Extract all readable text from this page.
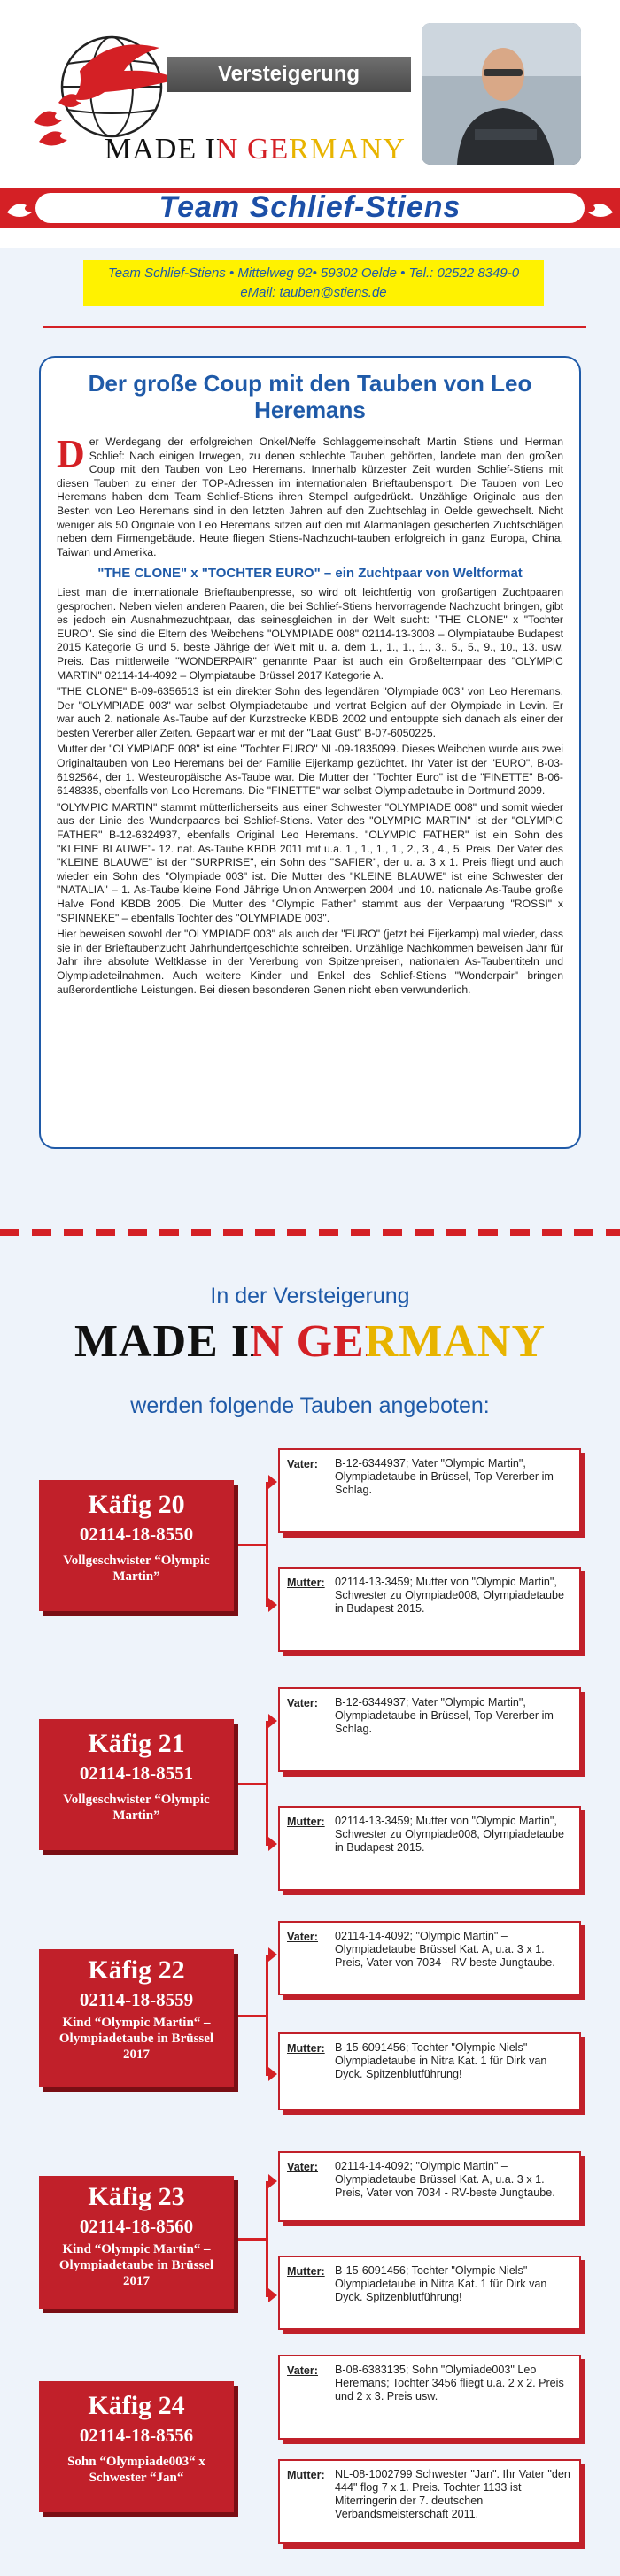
Versteigerung
MADE IN GERMANY
Team Schlief-Stiens
Team Schlief-Stiens • Mittelweg 92• 59302 Oelde • Tel.: 02522 8349-0
eMail: tauben@stiens.de
Der große Coup mit den Tauben von Leo Heremans

Der Werdegang der erfolgreichen Onkel/Neffe Schlaggemeinschaft Martin Stiens und Herman Schlief: Nach einigen Irrwegen, zu denen schlechte Tauben gehörten, landete man den großen Coup mit den Tauben von Leo Heremans. Innerhalb kürzester Zeit wurden Schlief-Stiens mit diesen Tauben zu einer der TOP-Adressen im internationalen Brieftaubensport. Die Tauben von Leo Heremans haben dem Team Schlief-Stiens ihren Stempel aufgedrückt. Unzählige Originale aus den Besten von Leo Heremans sind in den letzten Jahren auf den Zuchtschlag in Oelde gewechselt. Nicht weniger als 50 Originale von Leo Heremans sitzen auf den mit Alarmanlagen gesicherten Zuchtschlägen neben dem Firmengebäude. Heute fliegen Stiens-Nachzucht-tauben erfolgreich in ganz Europa, China, Taiwan und Amerika.

"THE CLONE" x "TOCHTER EURO" – ein Zuchtpaar von Weltformat

Liest man die internationale Brieftaubenpresse, so wird oft leichtfertig von großartigen Zuchtpaaren gesprochen. Neben vielen anderen Paaren, die bei Schlief-Stiens hervorragende Nachzucht bringen, gibt es jedoch ein Ausnahmezuchtpaar, das seinesgleichen in der Welt sucht: "THE CLONE" x "Tochter EURO". Sie sind die Eltern des Weibchens "OLYMPIADE 008" 02114-13-3008 – Olympiataube Budapest 2015 Kategorie G und 5. beste Jährige der Welt mit u. a. dem 1., 1., 1., 1., 3., 5., 5., 9., 10., 13. usw. Preis. Das mittlerweile "WONDERPAIR" genannte Paar ist auch ein Großelternpaar des "OLYMPIC MARTIN" 02114-14-4092 – Olympiataube Brüssel 2017 Kategorie A.

"THE CLONE" B-09-6356513 ist ein direkter Sohn des legendären "Olympiade 003" von Leo Heremans. Der "OLYMPIADE 003" war selbst Olympiadetaube und vertrat Belgien auf der Olympiade in Levin. Er war auch 2. nationale As-Taube auf der Kurzstrecke KBDB 2002 und entpuppte sich danach als einer der besten Vererber aller Zeiten. Gepaart war er mit der "Laat Gust" B-07-6050225.

Mutter der "OLYMPIADE 008" ist eine "Tochter EURO" NL-09-1835099. Dieses Weibchen wurde aus zwei Originaltauben von Leo Heremans bei der Familie Eijerkamp gezüchtet. Ihr Vater ist der "EURO", B-03-6192564, der 1. Westeuropäische As-Taube war. Die Mutter der "Tochter Euro" ist die "FINETTE" B-06-6148335, ebenfalls von Leo Heremans. Die "FINETTE" war selbst Olympiadetaube in Dortmund 2009.

"OLYMPIC MARTIN" stammt mütterlicherseits aus einer Schwester "OLYMPIADE 008" und somit wieder aus der Linie des Wunderpaares bei Schlief-Stiens. Vater des "OLYMPIC MARTIN" ist der "OLYMPIC FATHER" B-12-6324937, ebenfalls Original Leo Heremans. "OLYMPIC FATHER" ist ein Sohn des "KLEINE BLAUWE"- 12. nat. As-Taube KBDB 2011 mit u.a. 1., 1., 1., 1., 2., 3., 4., 5. Preis. Der Vater des "KLEINE BLAUWE" ist der "SURPRISE", ein Sohn des "SAFIER", der u. a. 3 x 1. Preis fliegt und auch wieder ein Sohn des "Olympiade 003" ist. Die Mutter des "KLEINE BLAUWE" ist eine Schwester der "NATALIA" – 1. As-Taube kleine Fond Jährige Union Antwerpen 2004 und 10. nationale As-Taube große Halve Fond KBDB 2005. Die Mutter des "Olympic Father" stammt aus der Verpaarung "ROSSI" x "SPINNEKE" – ebenfalls Tochter des "OLYMPIADE 003".

Hier beweisen sowohl der "OLYMPIADE 003" als auch der "EURO" (jetzt bei Eijerkamp) mal wieder, dass sie in der Brieftaubenzucht Jahrhundertgeschichte schreiben. Unzählige Nachkommen beweisen Jahr für Jahr ihre absolute Weltklasse in der Vererbung von Spitzenpreisen, nationalen As-Taubentiteln und Olympiadeteilnahmen. Auch weitere Kinder und Enkel des Schlief-Stiens "Wonderpair" bringen außerordentliche Leistungen. Bei diesen besonderen Genen nicht eben verwunderlich.

In der Versteigerung
MADE IN GERMANY
werden folgende Tauben angeboten:
Käfig 20
02114-18-8550
Vollgeschwister “Olympic Martin”
Vater:	B-12-6344937; Vater "Olympic Martin", Olympiadetaube in Brüssel, Top-Vererber im Schlag.
Mutter: 02114-13-3459; Mutter von "Olympic Martin", Schwester zu Olympiade008, Olympiadetaube in Budapest 2015.
Käfig 21
02114-18-8551
Vollgeschwister “Olympic Martin”
Vater:	B-12-6344937; Vater "Olympic Martin", Olympiadetaube in Brüssel, Top-Vererber im Schlag.
Mutter: 02114-13-3459; Mutter von "Olympic Martin", Schwester zu Olympiade008, Olympiadetaube in Budapest 2015.
Käfig 22
02114-18-8559
Kind “Olympic Martin“ – Olympiadetaube in Brüssel 2017
Vater:	02114-14-4092; "Olympic Martin" – Olympiadetaube Brüssel Kat. A, u.a. 3 x 1. Preis, Vater von 7034 - RV-beste Jungtaube.
Mutter: B-15-6091456; Tochter "Olympic Niels" – Olympiadetaube in Nitra Kat. 1 für Dirk van Dyck. Spitzenblutführung!
Käfig 23
02114-18-8560
Kind “Olympic Martin“ – Olympiadetaube in Brüssel 2017
Vater:	02114-14-4092; "Olympic Martin" – Olympiadetaube Brüssel Kat. A, u.a. 3 x 1. Preis, Vater von 7034 - RV-beste Jungtaube.
Mutter: B-15-6091456; Tochter "Olympic Niels" – Olympiadetaube in Nitra Kat. 1 für Dirk van Dyck. Spitzenblutführung!
Käfig 24
02114-18-8556
Sohn “Olympiade003“ x Schwester “Jan“
Vater:	B-08-6383135; Sohn "Olymiade003" Leo Heremans; Tochter 3456 fliegt u.a. 2 x 2. Preis und 2 x 3. Preis usw.
Mutter: NL-08-1002799 Schwester "Jan". Ihr Vater "den 444" flog 7 x 1. Preis. Tochter 1133 ist Miterringerin der 7. deutschen Verbandsmeisterschaft 2011.
